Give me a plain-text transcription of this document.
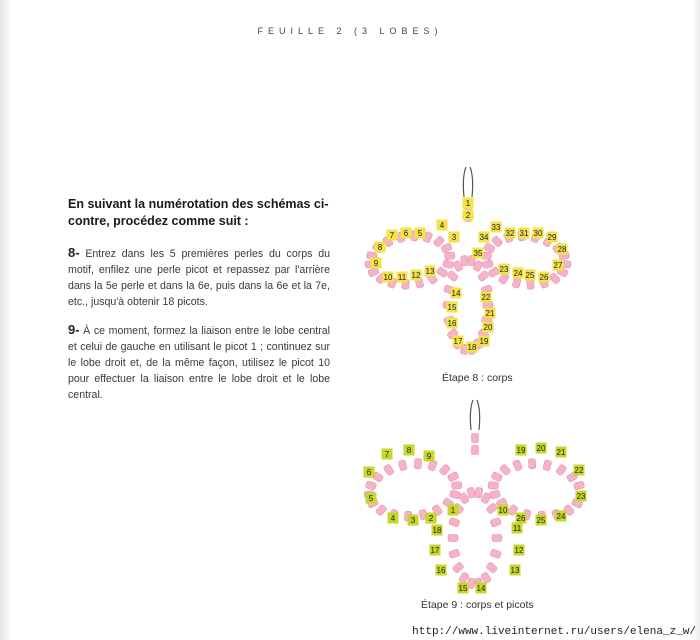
FEUILLE 2 (3 LOBES)
En suivant la numérotation des schémas ci-contre, procédez comme suit :
8- Entrez dans les 5 premières perles du corps du motif, enfilez une perle picot et repassez par l'arrière dans la 5e perle et dans la 6e, puis dans la 6e et la 7e, etc., jusqu'à obtenir 18 picots.
9- À ce moment, formez la liaison entre le lobe central et celui de gauche en utilisant le picot 1 ; continuez sur le lobe droit et, de la même façon, utilisez le picot 10 pour effectuer la liaison entre le lobe droit et le lobe central.
1
2
3
4
5
6
7
8
9
10 11 12 13
14
15
16
17
18
19
20
21
22
23 24 25 26
27
28
29
30
31
32
33
34
35
Étape 8 : corps
1
2
3
4
5
6
7 8
9
10
11
12
13
14
15
16
17
18
19 20 21
22
23
24
25
26
Étape 9 : corps et picots
http://www.liveinternet.ru/users/elena_z_w/
